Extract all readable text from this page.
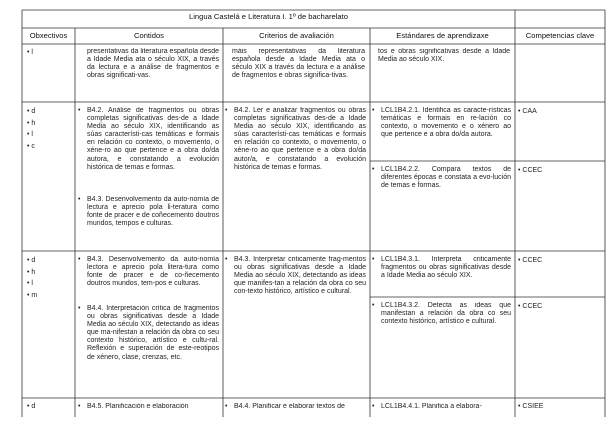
Lingua Castelá e Literatura I. 1º de bacharelato
Obxectivos	Contidos	Criterios de avaliación	Estándares de aprendizaxe	Competencias clave
• l	presentativas da literatura española desde a Idade Media ata o século XIX, a través da lectura e a análise de fragmentos e obras significati-vas.
máis representativas da literatura española desde a Idade Media ata o século XIX a través da lectura e a análise de fragmentos e obras significa-tivas.
tos e obras significativas desde a Idade Media ao século XIX.
• d
• h
• l
• c
• B4.2. Análise de fragmentos ou obras completas significativas des-de a Idade Media ao século XIX, identificando as súas característi-cas temáticas e formais en relación co contexto, o movemento, o xéne-ro ao que pertence e a obra do/da autora, e constatando a evolución histórica de temas e formas.
• B4.3. Desenvolvemento da auto-nomía de lectura e aprecio pola li-teratura como fonte de pracer e de coñecemento doutros mundos, tempos e culturas.
• B4.2. Ler e analizar fragmentos ou obras completas significativas des-de a Idade Media ao século XIX, identificando as súas característi-cas temáticas e formais en relación co contexto, o movemento, o xéne-ro ao que pertence e a obra do/da autor/a, e constatando a evolución histórica de temas e formas.
• LCL1B4.2.1. Identifica as caracte-rísticas temáticas e formais en re-lación co contexto, o movemento e o xénero ao que pertence e a obra do/da autora.
• LCL1B4.2.2. Compara textos de diferentes épocas e constata a evo-lución de temas e formas.
• CAA
• CCEC
• d
• h
• l
• m
• B4.3. Desenvolvemento da auto-nomía lectora e aprecio pola litera-tura como fonte de pracer e de co-ñecemento doutros mundos, tem-pos e culturas.
• B4.4. Interpretación crítica de fragmentos ou obras significativas desde a Idade Media ao século XIX, detectando as ideas que ma-nifestan a relación da obra co seu contexto histórico, artístico e cultu-ral. Reflexión e superación de este-reotipos de xénero, clase, crenzas, etc.
• B4.3. Interpretar criticamente frag-mentos ou obras significativas desde a Idade Media ao século XIX, detectando as ideas que manifes-tan a relación da obra co seu con-texto histórico, artístico e cultural.
• LCL1B4.3.1. Interpreta criticamente fragmentos ou obras significativas desde a Idade Media ao século XIX.
• LCL1B4.3.2. Detecta as ideas que manifestan a relación da obra co seu contexto histórico, artístico e cultural.
• CCEC
• CCEC
• d	• B4.5. Planificación e elaboración	• B4.4. Planificar e elaborar textos de	• LCL1B4.4.1. Planifica a elabora-
•	CSIEE
